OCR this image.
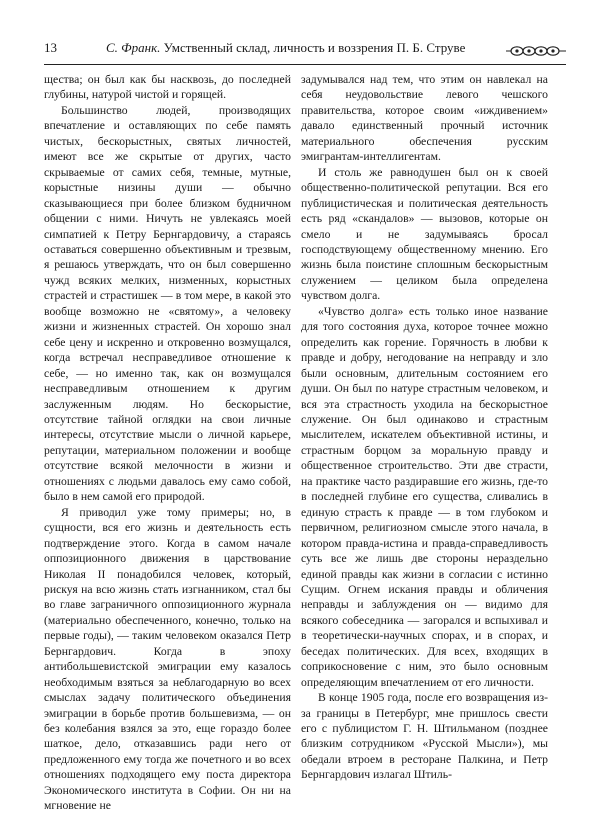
13	С. Франк. Умственный склад, личность и воззрения П. Б. Струве

щества; он был как бы насквозь, до последней глубины, натурой чистой и горящей.

Большинство людей, производящих впечатление и оставляющих по себе память чистых, бескорыстных, святых личностей, имеют все же скрытые от других, часто скрываемые от самих себя, темные, мутные, корыстные низины души — обычно сказывающиеся при более близком будничном общении с ними. Ничуть не увлекаясь моей симпатией к Петру Бернгардовичу, а стараясь оставаться совершенно объективным и трезвым, я решаюсь утверждать, что он был совершенно чужд всяких мелких, низменных, корыстных страстей и страстишек — в том мере, в какой это вообще возможно не «святому», а человеку жизни и жизненных страстей. Он хорошо знал себе цену и искренно и откровенно возмущался, когда встречал несправедливое отношение к себе, — но именно так, как он возмущался несправедливым отношением к другим заслуженным людям. Но бескорыстие, отсутствие тайной оглядки на свои личные интересы, отсутствие мысли о личной карьере, репутации, материальном положении и вообще отсутствие всякой мелочности в жизни и отношениях с людьми давалось ему само собой, было в нем самой его природой.

Я приводил уже тому примеры; но, в сущности, вся его жизнь и деятельность есть подтверждение этого. Когда в самом начале оппозиционного движения в царствование Николая II понадобился человек, который, рискуя на всю жизнь стать изгнанником, стал бы во главе заграничного оппозиционного журнала (материально обеспеченного, конечно, только на первые годы), — таким человеком оказался Петр Бернгардович. Когда в эпоху антибольшевистской эмиграции ему казалось необходимым взяться за неблагодарную во всех смыслах задачу политического объединения эмиграции в борьбе против большевизма, — он без колебания взялся за это, еще гораздо более шаткое, дело, отказавшись ради него от предложенного ему тогда же почетного и во всех отношениях подходящего ему поста директора Экономического института в Софии. Он ни на мгновение не

задумывался над тем, что этим он навлекал на себя неудовольствие левого чешского правительства, которое своим «иждивением» давало единственный прочный источник материального обеспечения русским эмигрантам-интеллигентам.

И столь же равнодушен был он к своей общественно-политической репутации. Вся его публицистическая и политическая деятельность есть ряд «скандалов» — вызовов, которые он смело и не задумываясь бросал господствующему общественному мнению. Его жизнь была поистине сплошным бескорыстным служением — целиком была определена чувством долга.

«Чувство долга» есть только иное название для того состояния духа, которое точнее можно определить как горение. Горячность в любви к правде и добру, негодование на неправду и зло были основным, длительным состоянием его души. Он был по натуре страстным человеком, и вся эта страстность уходила на бескорыстное служение. Он был одинаково и страстным мыслителем, искателем объективной истины, и страстным борцом за моральную правду и общественное строительство. Эти две страсти, на практике часто раздиравшие его жизнь, где-то в последней глубине его существа, сливались в единую страсть к правде — в том глубоком и первичном, религиозном смысле этого начала, в котором правда-истина и правда-справедливость суть все же лишь две стороны нераздельно единой правды как жизни в согласии с истинно Сущим. Огнем искания правды и обличения неправды и заблуждения он — видимо для всякого собеседника — загорался и вспыхивал и в теоретически-научных спорах, и в спорах, и беседах политических. Для всех, входящих в соприкосновение с ним, это было основным определяющим впечатлением от его личности.

В конце 1905 года, после его возвращения из-за границы в Петербург, мне пришлось свести его с публицистом Г. Н. Штильманом (позднее близким сотрудником «Русской Мысли»), мы обедали втроем в ресторане Палкина, и Петр Бернгардович излагал Штиль-
